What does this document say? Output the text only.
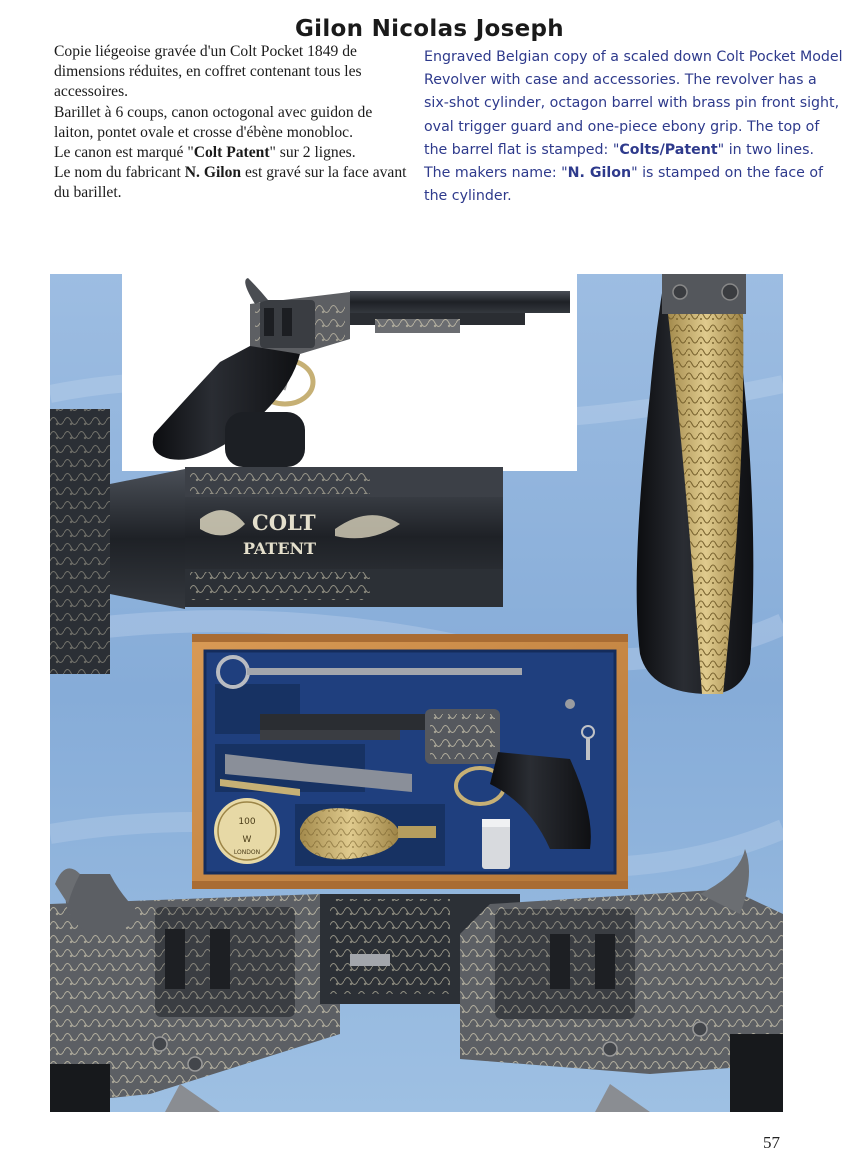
Gilon Nicolas Joseph

Copie liégeoise gravée d'un Colt Pocket 1849 de dimensions réduites, en coffret contenant tous les accessoires.

Barillet à 6 coups, canon octogonal avec guidon de laiton, pontet ovale et crosse d'ébène monobloc.

Le canon est marqué "Colt Patent" sur 2 lignes.

Le nom du fabricant N. Gilon est gravé sur la face avant du barillet.

Engraved Belgian copy of a scaled down Colt Pocket Model Revolver with case and accessories. The revolver has a six-shot cylinder, octagon barrel with brass pin front sight, oval trigger guard and one-piece ebony grip. The top of the barrel flat is stamped: "Colts/Patent" in two lines. The makers name: "N. Gilon" is stamped on the face of the cylinder.

COLT
PATENT
100
W
LONDON
57
